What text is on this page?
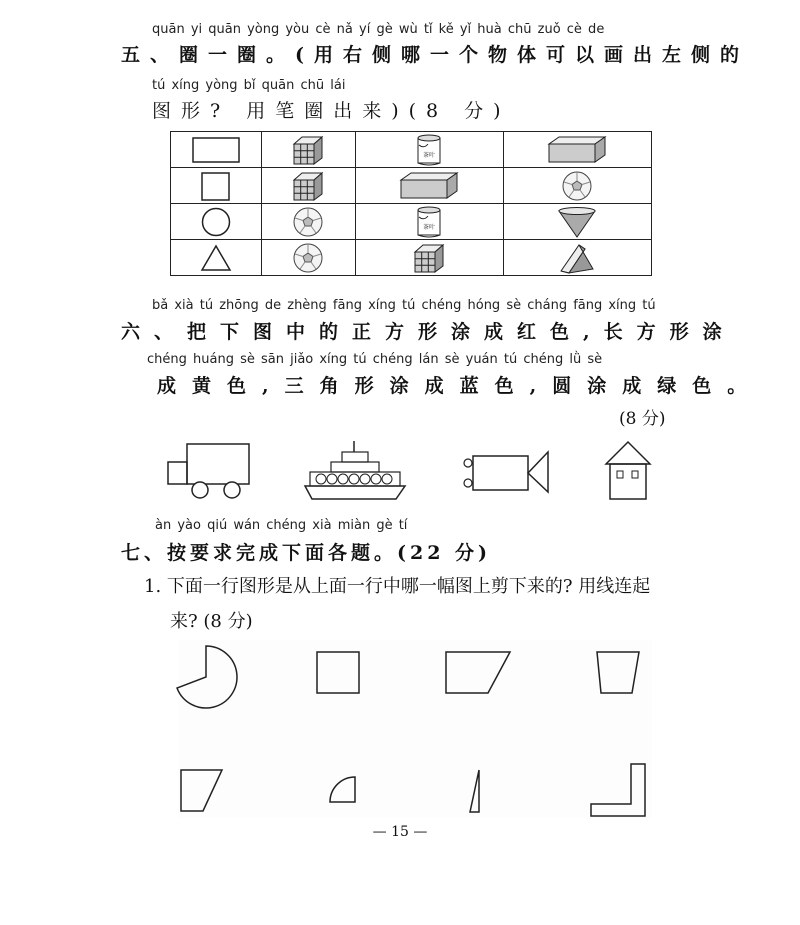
quān yi quān yòng yòu cè nǎ yí gè wù tǐ kě yǐ huà chū zuǒ cè de
五、圈一圈。(用右侧哪一个物体可以画出左侧的
tú xíng yòng bǐ quān chū lái
图形? 用笔圈出来)(8 分)

茶叶

茶叶

bǎ xià tú zhōng de zhèng fāng xíng tú chéng hóng sè cháng fāng xíng tú
六、把下图中的正方形涂成红色,长方形涂
chéng huáng sè sān jiǎo xíng tú chéng lán sè yuán tú chéng lǜ sè
成黄色,三角形涂成蓝色,圆涂成绿色。
(8 分)
àn yào qiú wán chéng xià miàn gè tí
七、按要求完成下面各题。(22 分)
1. 下面一行图形是从上面一行中哪一幅图上剪下来的? 用线连起
来? (8 分)
— 15 —
